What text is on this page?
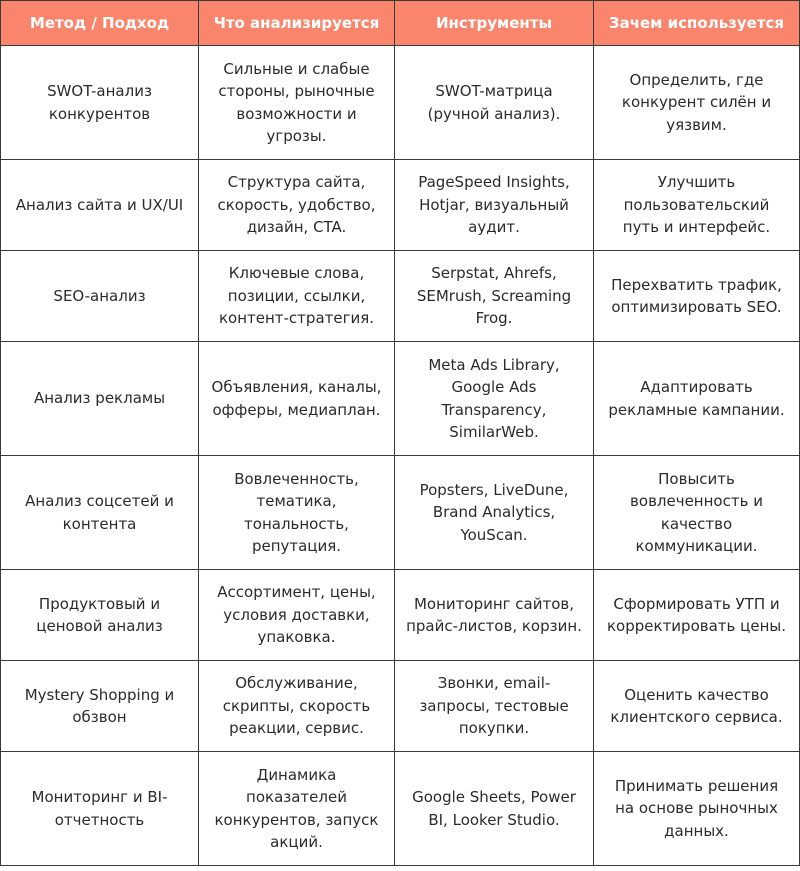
Метод / Подход	Что анализируется	Инструменты	Зачем используется
SWOT-анализ конкурентов	Сильные и слабые стороны, рыночные возможности и угрозы.	SWOT-матрица (ручной анализ).	Определить, где конкурент силён и уязвим.
Анализ сайта и UX/UI	Структура сайта, скорость, удобство, дизайн, CTA.	PageSpeed Insights, Hotjar, визуальный аудит.	Улучшить пользовательский путь и интерфейс.
SEO-анализ	Ключевые слова, позиции, ссылки, контент-стратегия.	Serpstat, Ahrefs, SEMrush, Screaming Frog.	Перехватить трафик, оптимизировать SEO.
Анализ рекламы	Объявления, каналы, офферы, медиаплан.	Meta Ads Library, Google Ads Transparency, SimilarWeb.	Адаптировать рекламные кампании.
Анализ соцсетей и контента	Вовлеченность, тематика, тональность, репутация.	Popsters, LiveDune, Brand Analytics, YouScan.	Повысить вовлеченность и качество коммуникации.
Продуктовый и ценовой анализ	Ассортимент, цены, условия доставки, упаковка.	Мониторинг сайтов, прайс-листов, корзин.	Сформировать УТП и корректировать цены.
Mystery Shopping и обзвон	Обслуживание, скрипты, скорость реакции, сервис.	Звонки, email-запросы, тестовые покупки.	Оценить качество клиентского сервиса.
Мониторинг и BI-отчетность	Динамика показателей конкурентов, запуск акций.	Google Sheets, Power BI, Looker Studio.	Принимать решения на основе рыночных данных.
